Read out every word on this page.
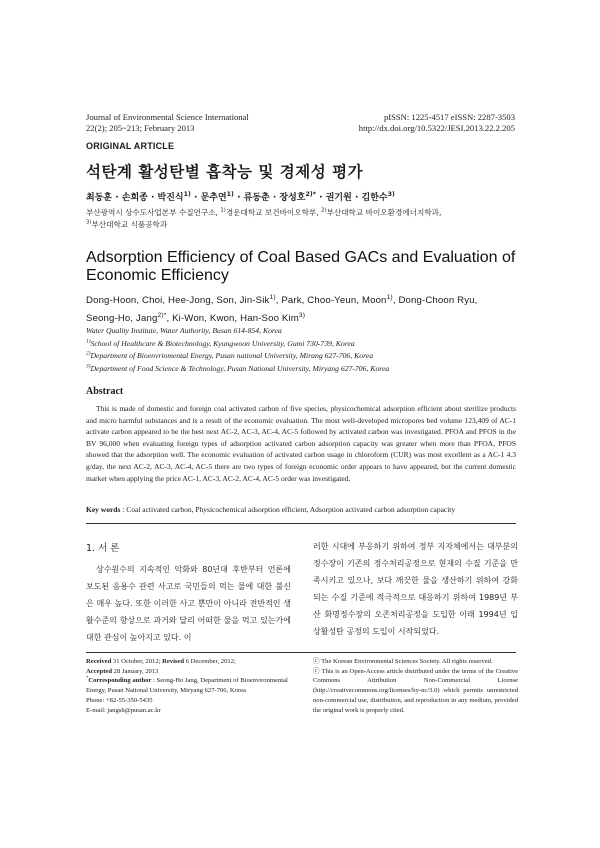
Journal of Environmental Science International
22(2); 205~213; February 2013
pISSN: 1225-4517 eISSN: 2287-3503
http://dx.doi.org/10.5322/JESI.2013.22.2.205
ORIGINAL ARTICLE
석탄계 활성탄별 흡착능 및 경제성 평가
최동훈 · 손희종 · 박진식$^{1)}$ · 문추연$^{1)}$ · 류동춘 · 장성호$^{2)*}$ · 권기원 · 김한수$^{3)}$
부산광역시 상수도사업본부 수질연구소, $^{1)}$경운대학교 보건바이오학부, $^{2)}$부산대학교 바이오환경에너지학과,
$^{3)}$부산대학교 식품공학과
Adsorption Efficiency of Coal Based GACs and Evaluation of Economic Efficiency
Dong-Hoon, Choi, Hee-Jong, Son, Jin-Sik$^{1)}$, Park, Choo-Yeun, Moon$^{1)}$, Dong-Choon Ryu,
Seong-Ho, Jang$^{2)*}$, Ki-Won, Kwon, Han-Soo Kim$^{3)}$
Water Quality Institute, Water Authority, Busan 614-854, Korea
$^{1)}$School of Healthcare & Biotechnology, Kyungwoon University, Gumi 730-739, Korea
$^{2)}$Department of Bioenvriomental Energy, Pusan national University, Mirang 627-706, Korea
$^{3)}$Department of Food Science & Technology, Pusan National University, Miryang 627-706, Korea
Abstract
This is made of domestic and foreign coal activated carbon of five species, physicochemical adsorption efficient about sterilize products and micro harmful substances and is a result of the economic evaluation. The most well-developed micropores bed volume 123,409 of AC-1 activate carbon appeared to be the best next AC-2, AC-3, AC-4, AC-5 followed by activated carbon was investigated. PFOA and PFOS in the BV 96,000 when evaluating foreign types of adsorption activated carbon adsorption capacity was greater when more than PFOA, PFOS showed that the adsorption well. The economic evaluation of activated carbon usage in chloroform (CUR) was most excellent as a AC-1 4.3 g/day, the next AC-2, AC-3, AC-4, AC-5 there are two types of foreign economic order appears to have appeared, but the current domestic market when applying the price AC-1, AC-3, AC-2, AC-4, AC-5 order was investigated.
Key words : Coal activated carbon, Physicochemical adsorption efficient, Adsorption activated carbon adsorption capacity
1. 서 론
상수원수의 지속적인 악화와 80년대 후반부터 언론에 보도된 음용수 관련 사고로 국민들의 먹는 물에 대한 불신은 매우 높다. 또한 이러한 사고 뿐만이 아니라 전반적인 생활수준의 향상으로 과거와 달리 어떠한 물을 먹고 있는가에 대한 관심이 높아지고 있다. 이
러한 시대에 부응하기 위하여 정부 지자체에서는 대부분의 정수장이 기존의 정수처리공정으로 현재의 수질 기준을 만족시키고 있으나, 보다 깨끗한 물을 생산하기 위하여 강화되는 수질 기준에 적극적으로 대응하기 위하여 1989년 부산 화명정수장의 오존처리공정을 도입한 이래 1994년 입상활성탄 공정의 도입이 시작되었다.
Received 31 October, 2012; Revised 6 December, 2012;
Accepted 28 January, 2013
*Corresponding author : Seong-Ho Jang, Department of Bioenvironmental Energy, Pusan National University, Miryang 627-706, Korea
Phone: +82-55-350-5435
E-mail: jangsh@pusan.ac.kr
ⓒ The Korean Environmental Sciences Society. All rights reserved.
ⓒ This is an Open-Access article distributed under the terms of the Creative Commons Attribution Non-Commercial License (http://creativecommons.org/licenses/by-nc/3.0) which permits unrestricted non-commercial use, distribution, and reproduction in any medium, provided the original work is properly cited.
